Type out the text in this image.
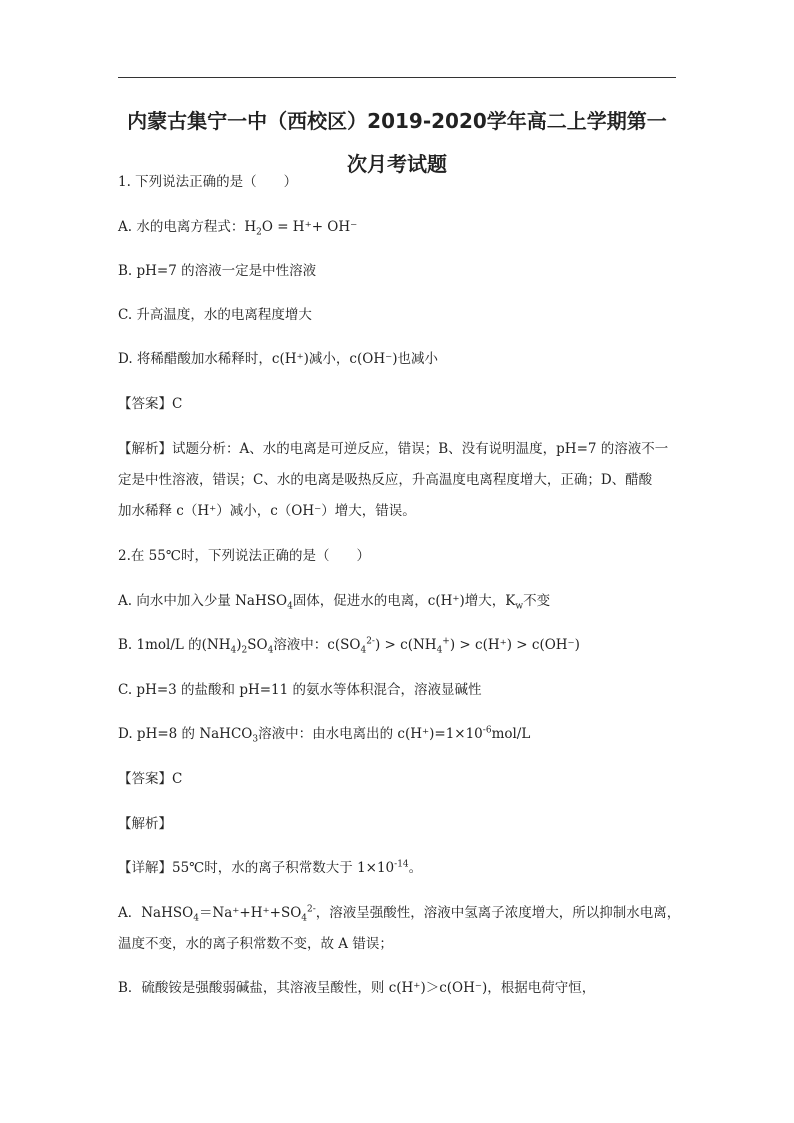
内蒙古集宁一中（西校区）2019-2020学年高二上学期第一
次月考试题
1. 下列说法正确的是（　　）
A. 水的电离方程式：$H_2O = H^++ OH^-$
B. pH=7 的溶液一定是中性溶液
C. 升高温度，水的电离程度增大
D. 将稀醋酸加水稀释时，c(H⁺)减小，c(OH⁻)也减小
【答案】C
【解析】试题分析：A、水的电离是可逆反应，错误；B、没有说明温度，pH=7 的溶液不一
定是中性溶液，错误；C、水的电离是吸热反应，升高温度电离程度增大，正确；D、醋酸
加水稀释 c（H⁺）减小，c（OH⁻）增大，错误。
2.在 55℃时，下列说法正确的是（　　）
A. 向水中加入少量 NaHSO$_4$固体，促进水的电离，c(H⁺)增大，$K_w$不变
B. 1mol/L 的$(NH_4)_2SO_4$溶液中：$c(SO_4^{2-}) > c(NH_4^+) > c(H^+) > c(OH^-)$
C. pH=3 的盐酸和 pH=11 的氨水等体积混合，溶液显碱性
D. pH=8 的 NaHCO$_3$溶液中：由水电离出的 $c(H^+)=1\times 10^{-6}mol/L$
【答案】C
【解析】
【详解】55℃时，水的离子积常数大于 $1\times 10^{-14}$。
A．$NaHSO_4=Na^++H^++SO_4^{2-}$，溶液呈强酸性，溶液中氢离子浓度增大，所以抑制水电离，
温度不变，水的离子积常数不变，故 A 错误；
B．硫酸铵是强酸弱碱盐，其溶液呈酸性，则 c(H⁺)＞c(OH⁻)，根据电荷守恒，
